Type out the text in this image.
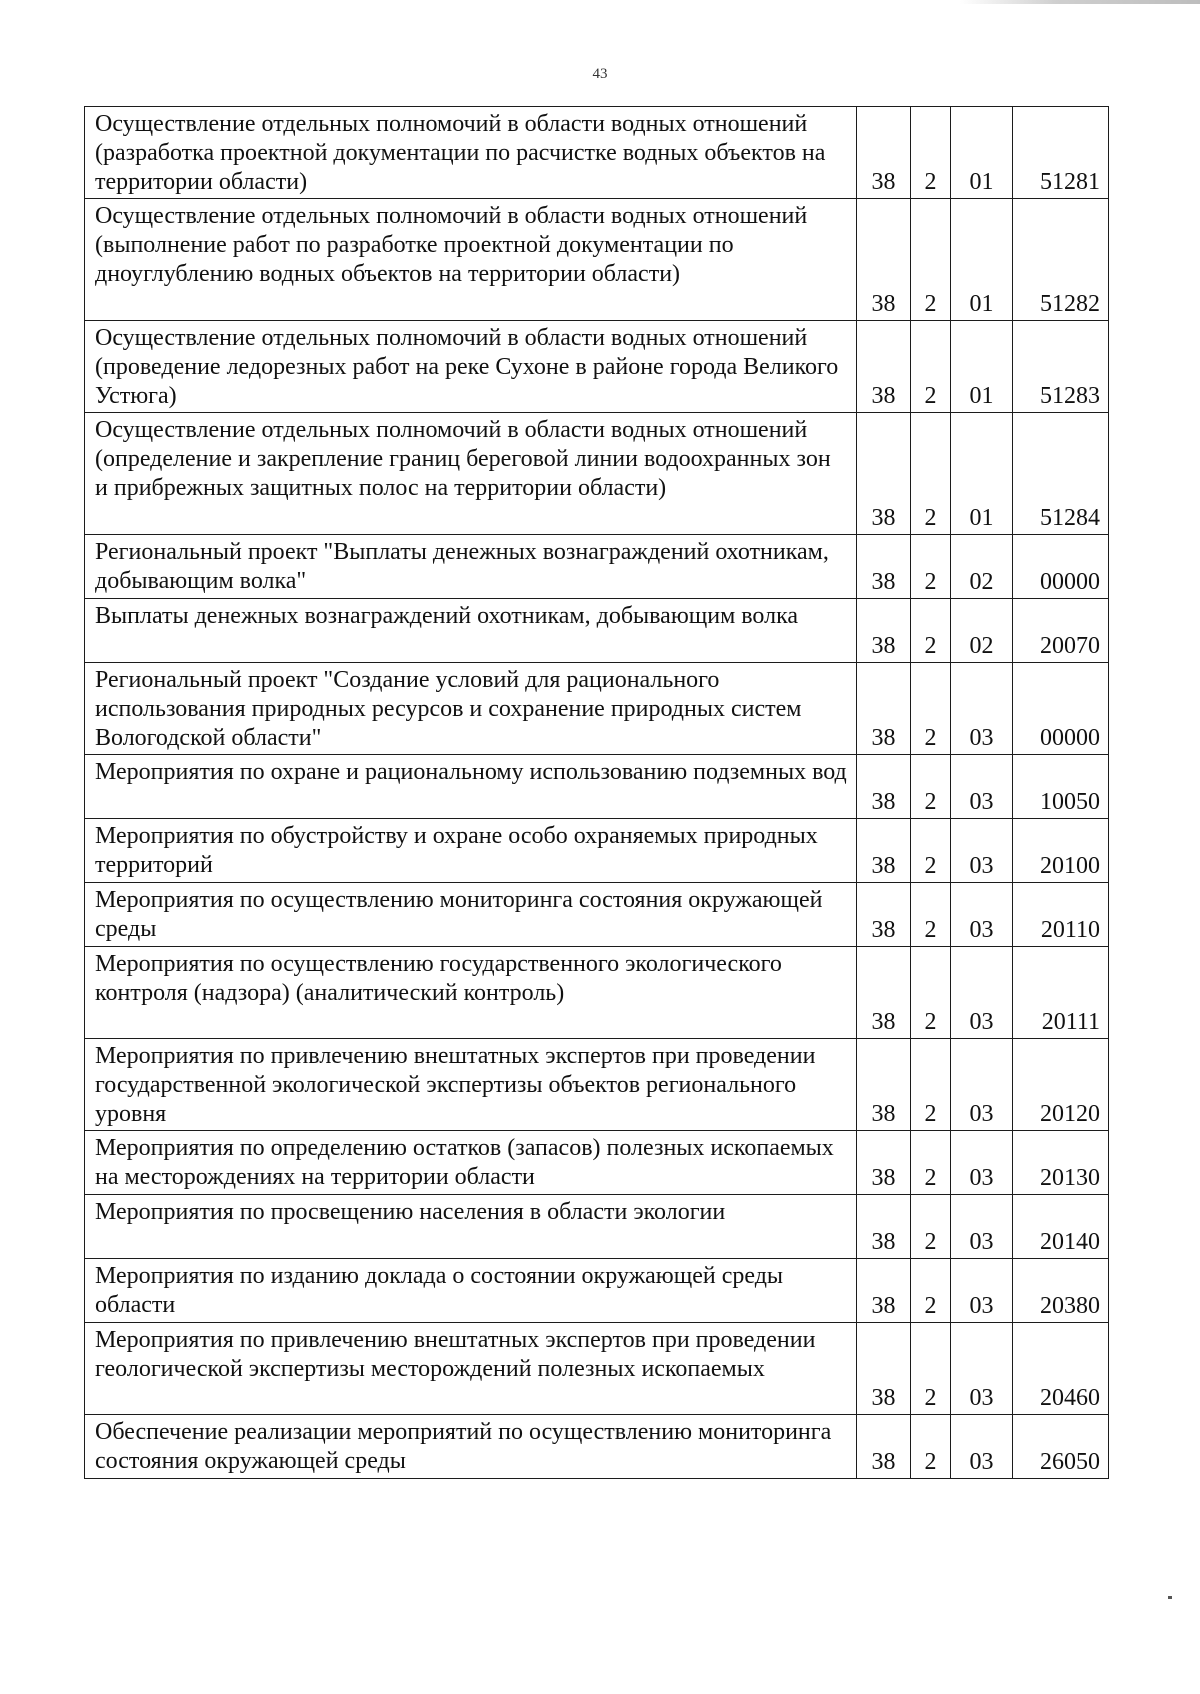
43
Осуществление отдельных полномочий в области водных отношений (разработка проектной документации по расчистке водных объектов на территории области)	38	2	01	51281
Осуществление отдельных полномочий в области водных отношений (выполнение работ по разработке проектной документации по дноуглублению водных объектов на территории области)	38	2	01	51282
Осуществление отдельных полномочий в области водных отношений (проведение ледорезных работ на реке Сухоне в районе города Великого Устюга)	38	2	01	51283
Осуществление отдельных полномочий в области водных отношений (определение и закрепление границ береговой линии водоохранных зон и прибрежных защитных полос на территории области)	38	2	01	51284
Региональный проект "Выплаты денежных вознаграждений охотникам, добывающим волка"	38	2	02	00000
Выплаты денежных вознаграждений охотникам, добывающим волка	38	2	02	20070
Региональный проект "Создание условий для рационального использования природных ресурсов и сохранение природных систем Вологодской области"	38	2	03	00000
Мероприятия по охране и рациональному использованию подземных вод	38	2	03	10050
Мероприятия по обустройству и охране особо охраняемых природных территорий	38	2	03	20100
Мероприятия по осуществлению мониторинга состояния окружающей среды	38	2	03	20110
Мероприятия по осуществлению государственного экологического контроля (надзора) (аналитический контроль)	38	2	03	20111
Мероприятия по привлечению внештатных экспертов при проведении государственной экологической экспертизы объектов регионального уровня	38	2	03	20120
Мероприятия по определению остатков (запасов) полезных ископаемых на месторождениях на территории области	38	2	03	20130
Мероприятия по просвещению населения в области экологии	38	2	03	20140
Мероприятия по изданию доклада о состоянии окружающей среды области	38	2	03	20380
Мероприятия по привлечению внештатных экспертов при проведении геологической экспертизы месторождений полезных ископаемых	38	2	03	20460
Обеспечение реализации мероприятий по осуществлению мониторинга состояния окружающей среды	38	2	03	26050
